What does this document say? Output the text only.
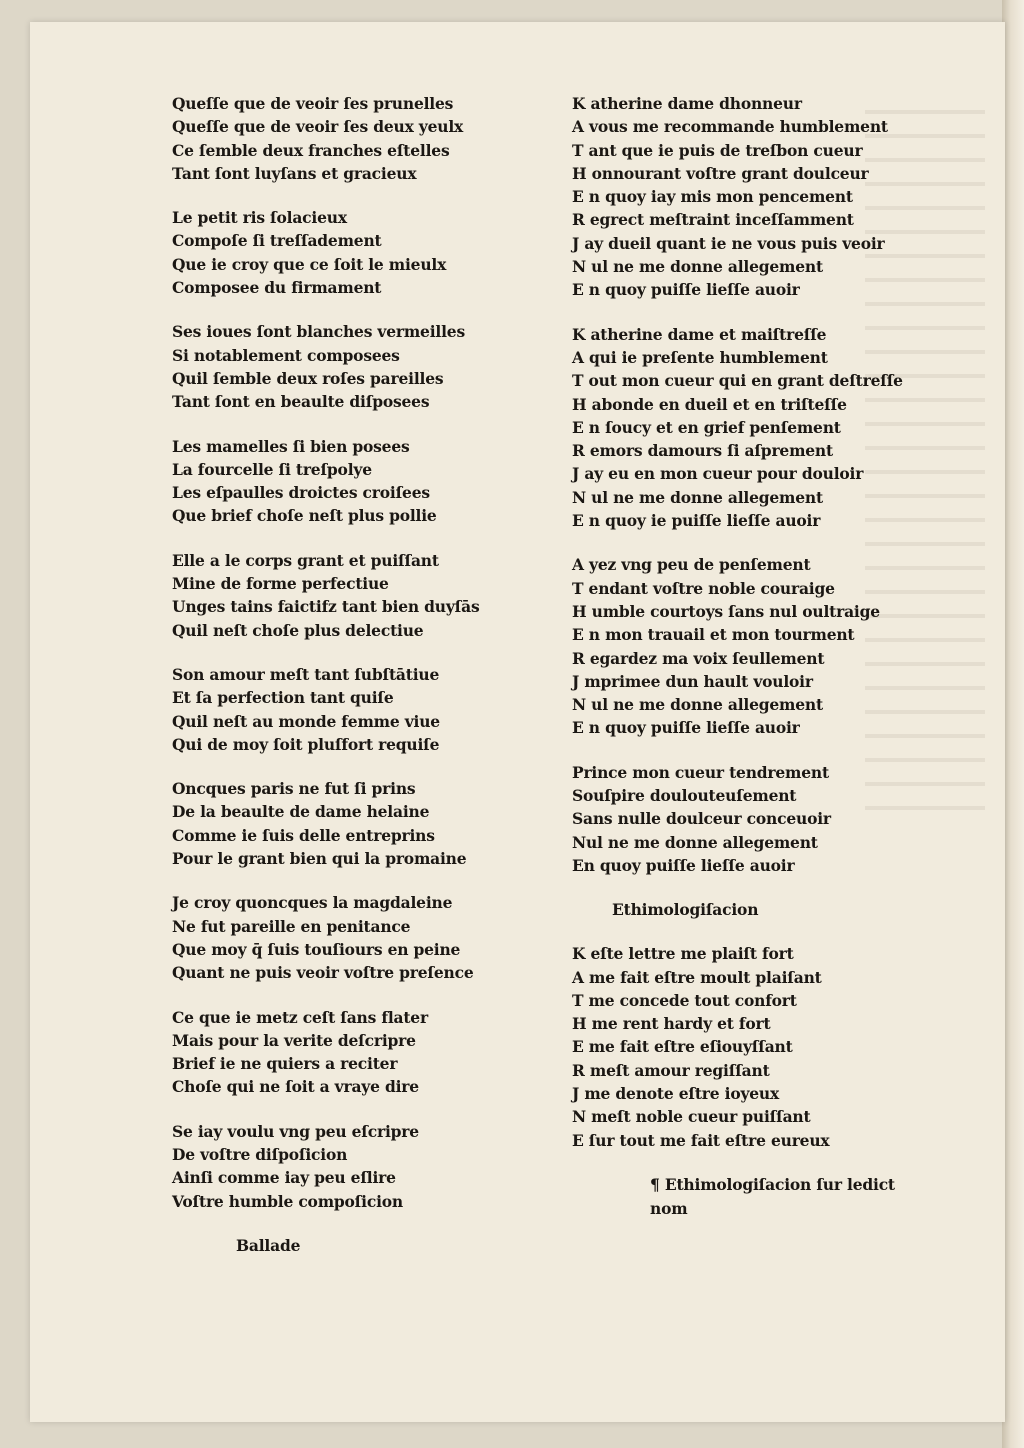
Queſſe que de veoir ſes prunelles
Queſſe que de veoir ſes deux yeulx
Ce ſemble deux franches eſtelles
Tant ſont luyſans et gracieux
Le petit ris ſolacieux
Compoſe ſi treſſadement
Que ie croy que ce ſoit le mieulx
Composee du firmament
Ses ioues ſont blanches vermeilles
Si notablement composees
Quil ſemble deux roſes pareilles
Tant ſont en beaulte diſposees
Les mamelles ſi bien posees
La fourcelle ſi treſpolye
Les eſpaulles droictes croiſees
Que brief choſe neſt plus pollie
Elle a le corps grant et puiſſant
Mine de forme perfectiue
Unges tains faictifz tant bien duyſās
Quil neſt choſe plus delectiue
Son amour meſt tant ſubſtātiue
Et ſa perfection tant quiſe
Quil neſt au monde femme viue
Qui de moy ſoit pluſfort requiſe
Oncques paris ne fut ſi prins
De la beaulte de dame helaine
Comme ie ſuis delle entreprins
Pour le grant bien qui la promaine
Je croy quoncques la magdaleine
Ne fut pareille en penitance
Que moy q̄ ſuis touſiours en peine
Quant ne puis veoir voſtre preſence
Ce que ie metz ceſt ſans flater
Mais pour la verite deſcripre
Brief ie ne quiers a reciter
Choſe qui ne ſoit a vraye dire
Se iay voulu vng peu eſcripre
De voſtre diſpoſicion
Ainſi comme iay peu eſlire
Voſtre humble compoſicion
Ballade
K atherine dame dhonneur
A vous me recommande humblement
T ant que ie puis de treſbon cueur
H onnourant voſtre grant doulceur
E n quoy iay mis mon pencement
R egrect meſtraint inceſſamment
J ay dueil quant ie ne vous puis veoir
N ul ne me donne allegement
E n quoy puiſſe lieſſe auoir
K atherine dame et maiſtreſſe
A qui ie preſente humblement
T out mon cueur qui en grant deſtreſſe
H abonde en dueil et en triſteſſe
E n ſoucy et en grief penſement
R emors damours ſi aſprement
J ay eu en mon cueur pour douloir
N ul ne me donne allegement
E n quoy ie puiſſe lieſſe auoir
A yez vng peu de penſement
T endant voſtre noble couraige
H umble courtoys ſans nul oultraige
E n mon trauail et mon tourment
R egardez ma voix ſeullement
J mprimee dun hault vouloir
N ul ne me donne allegement
E n quoy puiſſe lieſſe auoir
Prince mon cueur tendrement
Souſpire doulouteuſement
Sans nulle doulceur conceuoir
Nul ne me donne allegement
En quoy puiſſe lieſſe auoir
Ethimologiſacion
K eſte lettre me plaiſt fort
A me fait eſtre moult plaiſant
T me concede tout confort
H me rent hardy et fort
E me fait eſtre eſiouyſſant
R meſt amour regiſſant
J me denote eſtre ioyeux
N meſt noble cueur puiſſant
E ſur tout me fait eſtre eureux
¶ Ethimologiſacion ſur ledict nom
